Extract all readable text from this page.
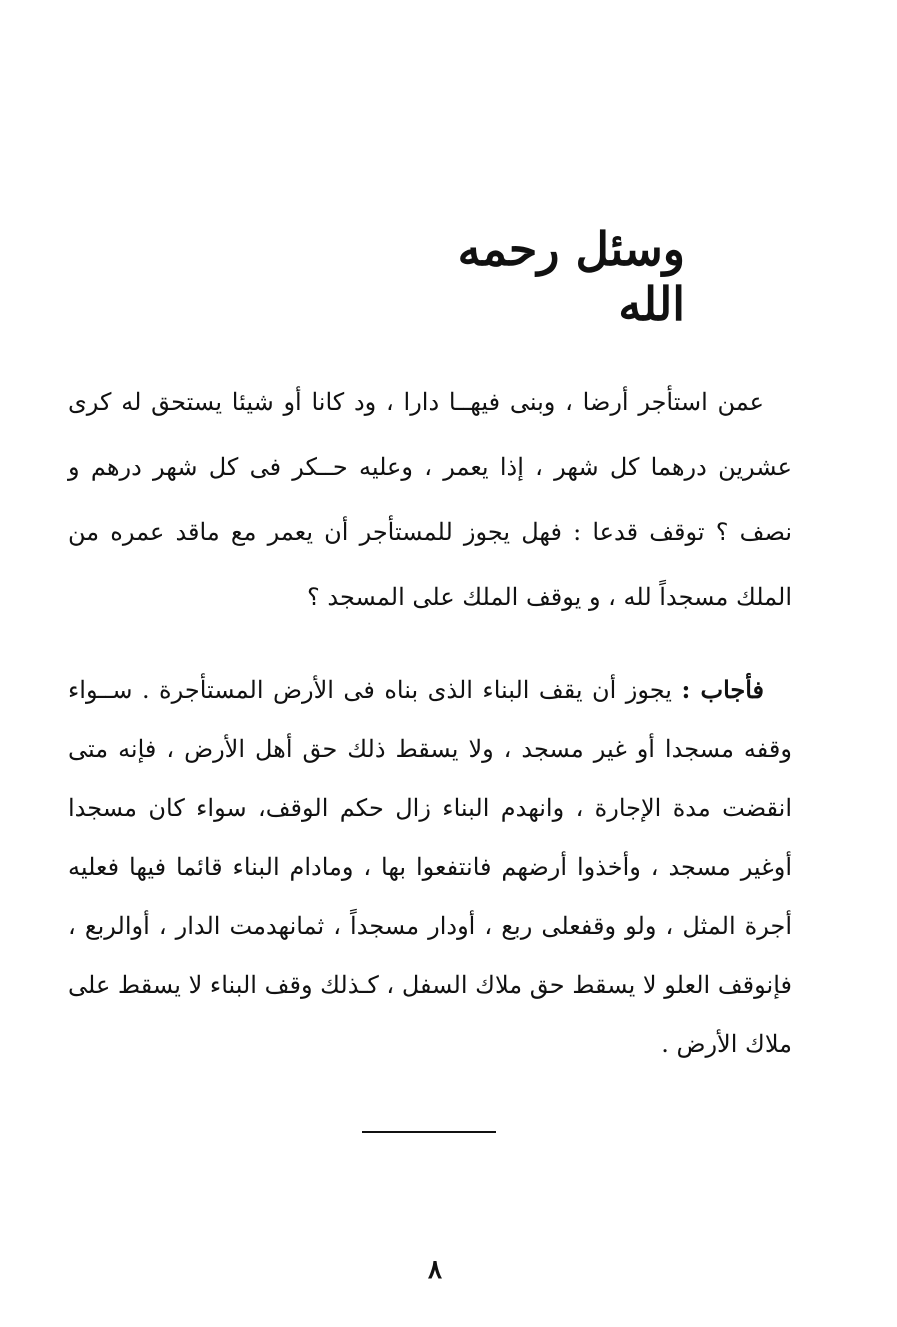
وسئل رحمه الله

عمن استأجر أرضا ، وبنى فيهــا دارا ، ود كانا أو شيئا يستحق له كرى عشرين درهما كل شهر ، إذا يعمر ، وعليه حــكر فى كل شهر درهم و نصف ؟ توقف قدعا : فهل يجوز للمستأجر أن يعمر مع ماقد عمره من الملك مسجداً لله ، و يوقف الملك على المسجد ؟

فأجاب : يجوز أن يقف البناء الذى بناه فى الأرض المستأجرة . ســواء وقفه مسجدا أو غير مسجد ، ولا يسقط ذلك حق أهل الأرض ، فإنه متى انقضت مدة الإجارة ، وانهدم البناء زال حكم الوقف، سواء كان مسجدا أوغير مسجد ، وأخذوا أرضهم فانتفعوا بها ، ومادام البناء قائما فيها فعليه أجرة المثل ، ولو وقفعلى ربع ، أودار مسجداً ، ثمانهدمت الدار ، أوالربع ، فإنوقف العلو لا يسقط حق ملاك السفل ، كـذلك وقف البناء لا يسقط على ملاك الأرض .

٨
